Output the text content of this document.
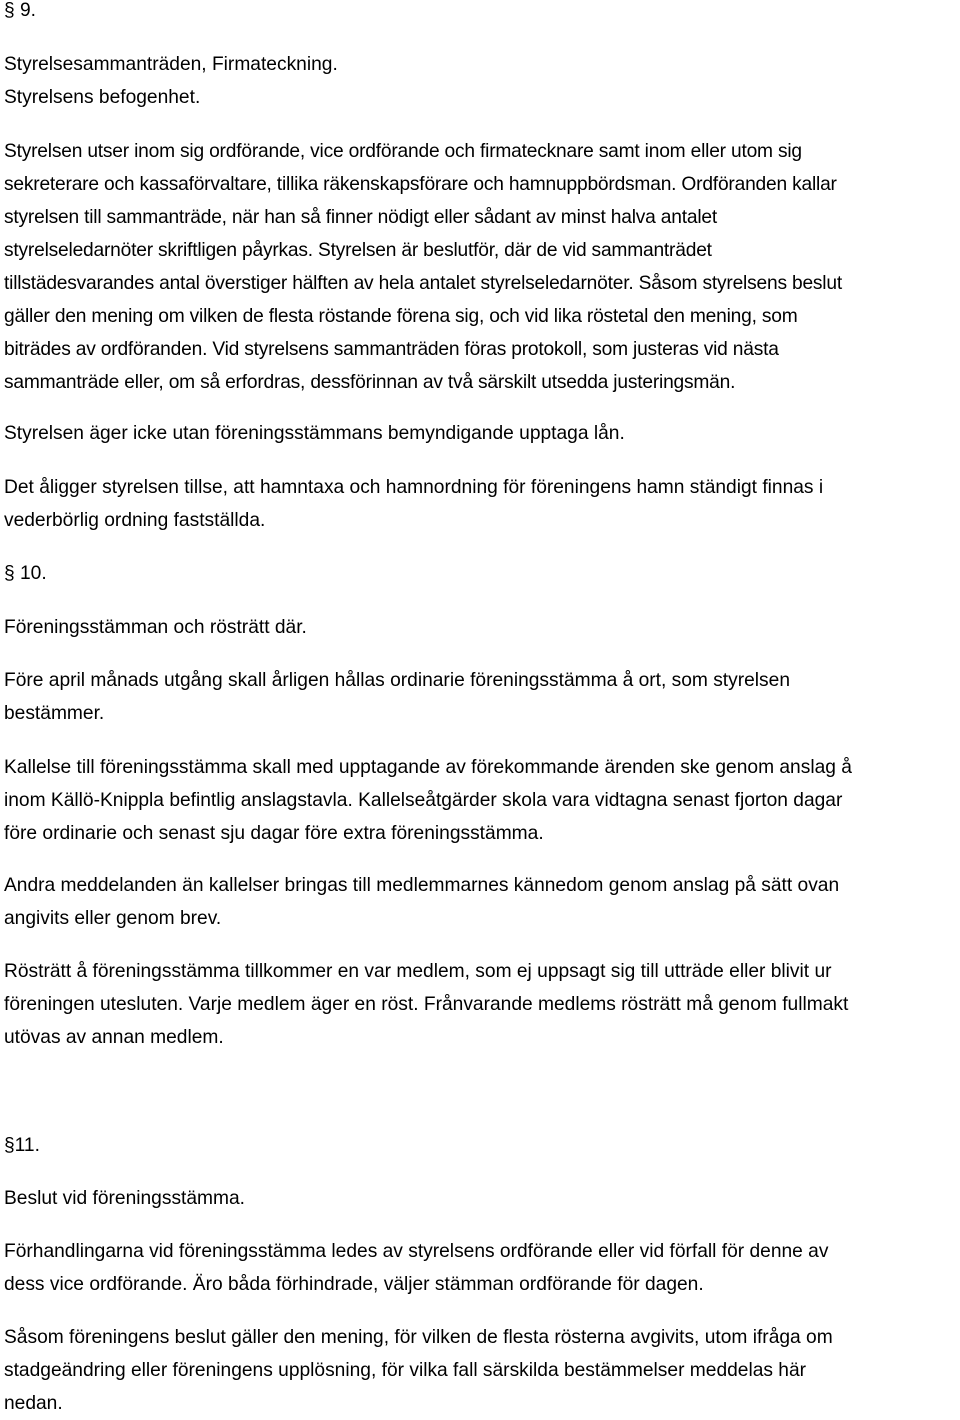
§ 9.
Styrelsesammanträden, Firmateckning.
Styrelsens befogenhet.
Styrelsen utser inom sig ordförande, vice ordförande och firmatecknare samt inom eller utom sig
sekreterare och kassaförvaltare, tillika räkenskapsförare och hamnuppbördsman. Ordföranden kallar
styrelsen till sammanträde, när han så finner nödigt eller sådant av minst halva antalet
styrelseledarnöter skriftligen påyrkas. Styrelsen är beslutför, där de vid sammanträdet
tillstädesvarandes antal överstiger hälften av hela antalet styrelseledarnöter. Såsom styrelsens beslut
gäller den mening om vilken de flesta röstande förena sig, och vid lika röstetal den mening, som
biträdes av ordföranden. Vid styrelsens sammanträden föras protokoll, som justeras vid nästa
sammanträde eller, om så erfordras, dessförinnan av två särskilt utsedda justeringsmän.
Styrelsen äger icke utan föreningsstämmans bemyndigande upptaga lån.
Det åligger styrelsen tillse, att hamntaxa och hamnordning för föreningens hamn ständigt finnas i
vederbörlig ordning fastställda.
§ 10.
Föreningsstämman och rösträtt där.
Före april månads utgång skall årligen hållas ordinarie föreningsstämma å ort, som styrelsen
bestämmer.
Kallelse till föreningsstämma skall med upptagande av förekommande ärenden ske genom anslag å
inom Källö-Knippla befintlig anslagstavla. Kallelseåtgärder skola vara vidtagna senast fjorton dagar
före ordinarie och senast sju dagar före extra föreningsstämma.
Andra meddelanden än kallelser bringas till medlemmarnes kännedom genom anslag på sätt ovan
angivits eller genom brev.
Rösträtt å föreningsstämma tillkommer en var medlem, som ej uppsagt sig till utträde eller blivit ur
föreningen utesluten. Varje medlem äger en röst. Frånvarande medlems rösträtt må genom fullmakt
utövas av annan medlem.
§11.
Beslut vid föreningsstämma.
Förhandlingarna vid föreningsstämma ledes av styrelsens ordförande eller vid förfall för denne av
dess vice ordförande. Äro båda förhindrade, väljer stämman ordförande för dagen.
Såsom föreningens beslut gäller den mening, för vilken de flesta rösterna avgivits, utom ifråga om
stadgeändring eller föreningens upplösning, för vilka fall särskilda bestämmelser meddelas här
nedan.
